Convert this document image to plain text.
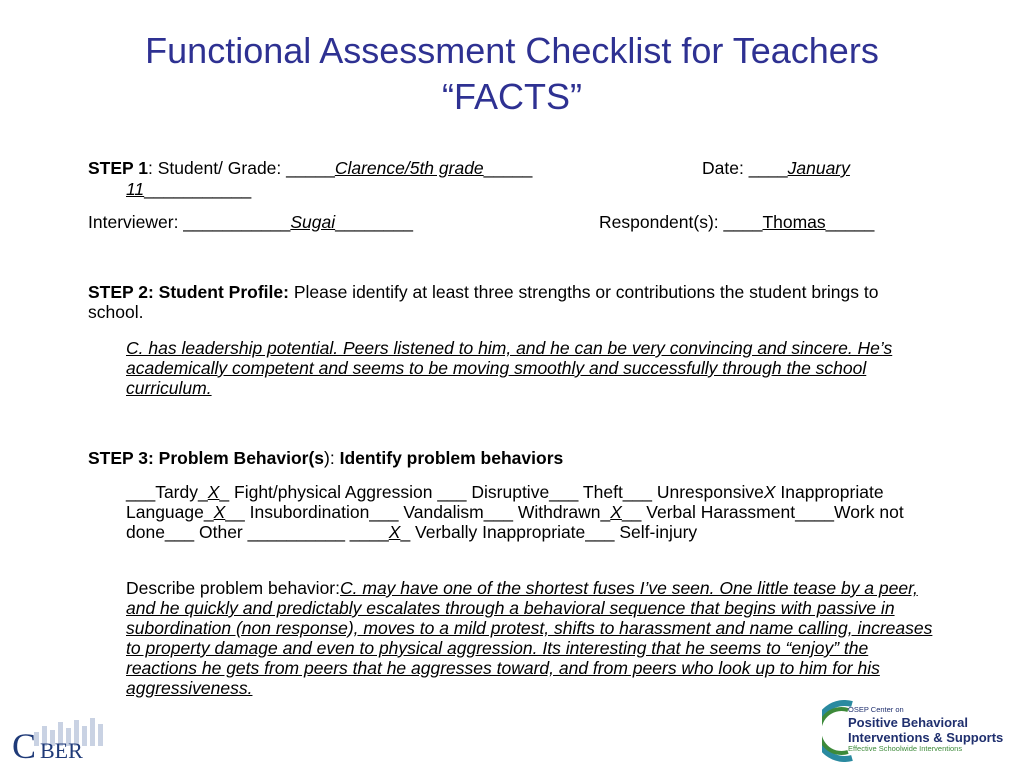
Functional Assessment Checklist for Teachers
“FACTS”

STEP 1: Student/ Grade: _____Clarence/5th grade_____	Date: ____January

11___________

Interviewer: ___________Sugai________	Respondent(s): ____Thomas_____

STEP 2: Student Profile: Please identify at least three strengths or contributions the student brings to school.

C. has leadership potential. Peers listened to him, and he can be very convincing and sincere. He’s academically competent and seems to be moving smoothly and successfully through the school curriculum.

STEP 3: Problem Behavior(s): Identify problem behaviors

___Tardy_X_ Fight/physical Aggression ___ Disruptive___ Theft___ UnresponsiveX Inappropriate Language_X__ Insubordination___ Vandalism___ Withdrawn_X__ Verbal Harassment____Work not done___ Other __________ ____X_ Verbally Inappropriate___ Self-injury

Describe problem behavior:C. may have one of the shortest fuses I’ve seen. One little tease by a peer, and he quickly and predictably escalates through a behavioral sequence that begins with passive in subordination (non response), moves to a mild protest, shifts to harassment and name calling, increases to property damage and even to physical aggression. Its interesting that he seems to “enjoy” the reactions he gets from peers that he aggresses toward, and from peers who look up to him for his aggressiveness.

C BER
OSEP Center on
Positive Behavioral
Interventions & Supports
Effective Schoolwide Interventions
